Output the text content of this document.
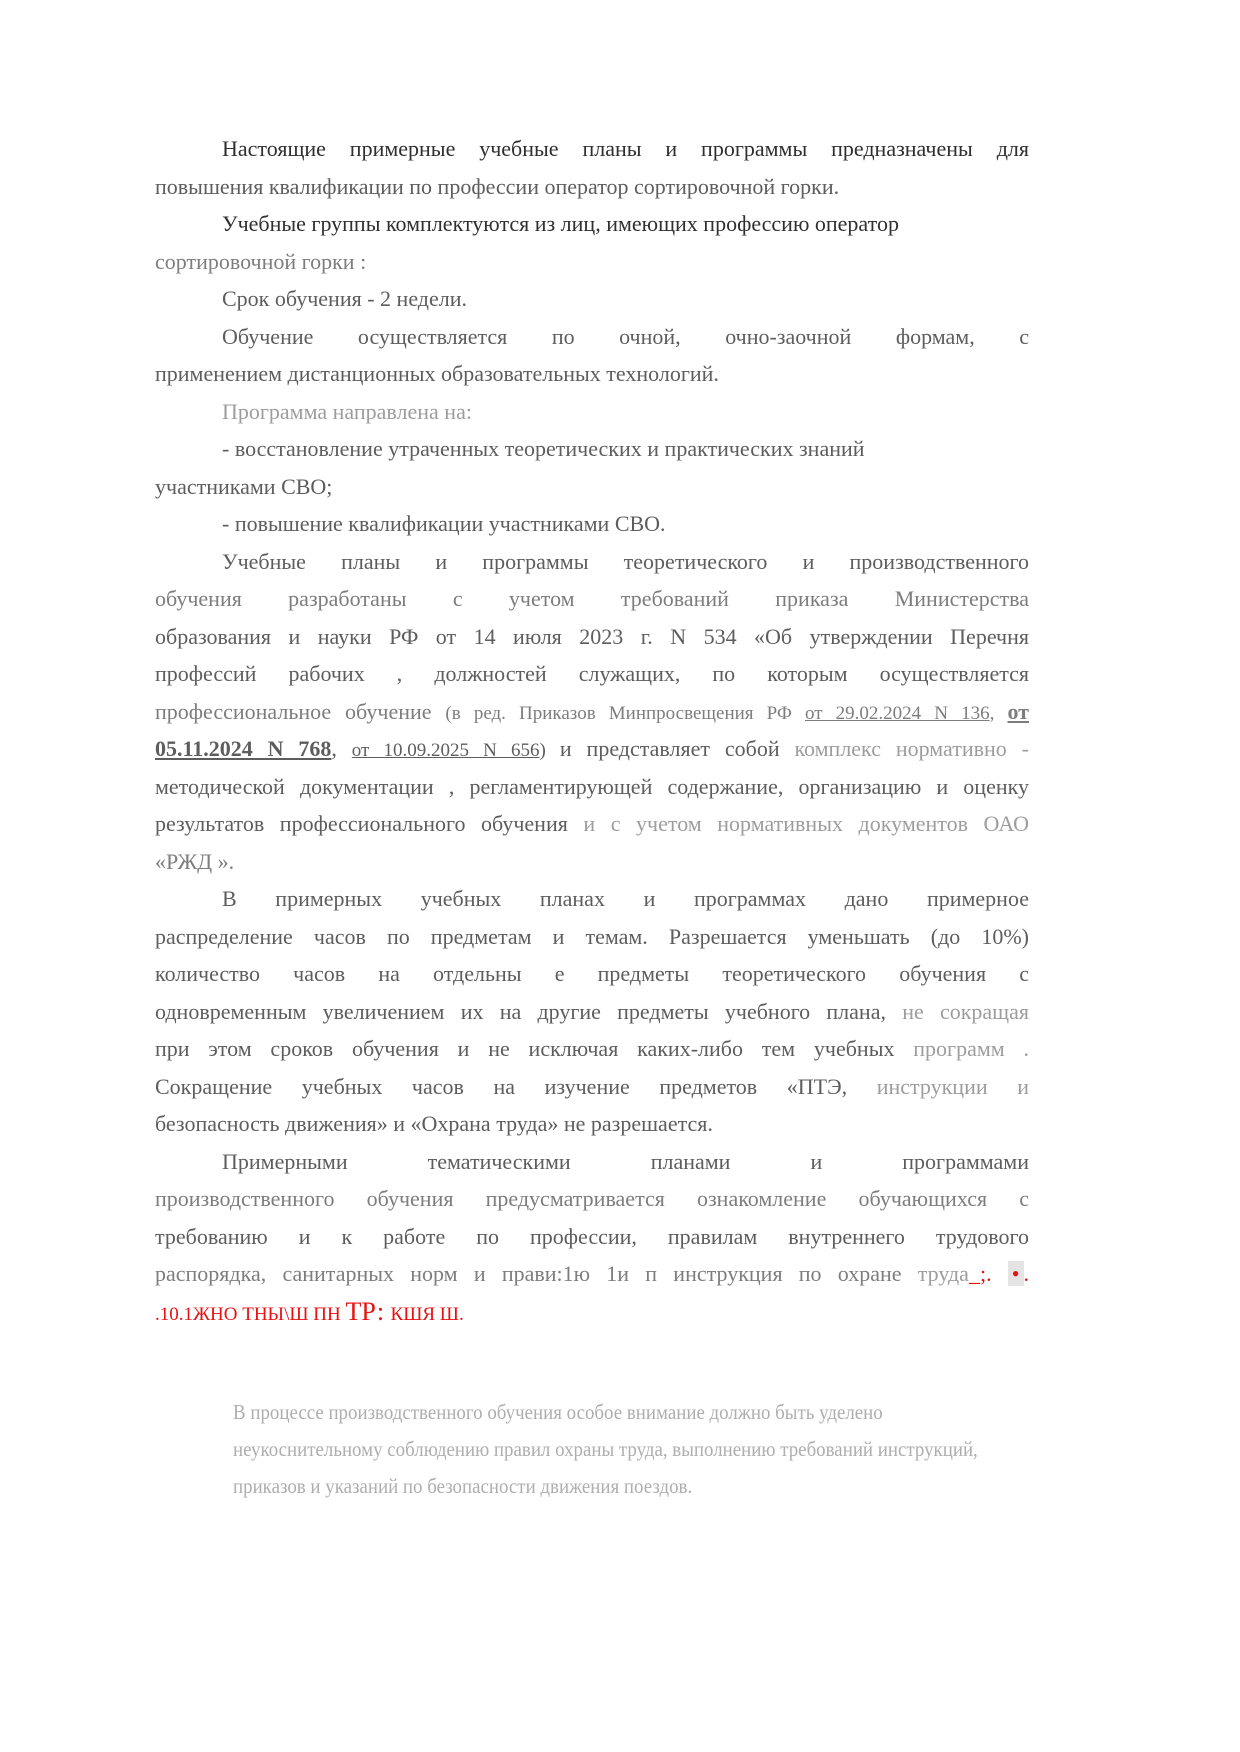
Настоящие примерные учебные планы и программы предназначены для
повышения квалификации по профессии оператор сортировочной горки.
Учебные группы комплектуются из лиц, имеющих профессию оператор
сортировочной горки :
Срок обучения - 2 недели.
Обучение осуществляется по очной, очно-заочной формам, с
применением дистанционных образовательных технологий.
Программа направлена на:
- восстановление утраченных теоретических и практических знаний
участниками СВО;
- повышение квалификации участниками СВО.
Учебные планы и программы теоретического и производственного
обучения разработаны с учетом требований приказа Министерства
образования и науки РФ от 14 июля 2023 г. N 534 «Об утверждении Перечня
профессий рабочих , должностей служащих, по которым осуществляется
профессиональное обучение (в ред. Приказов Минпросвещения РФ от 29.02.2024 N 136, от
05.11.2024 N 768, от 10.09.2025 N 656) и представляет собой комплекс нормативно -
методической документации , регламентирующей содержание, организацию и оценку
результатов профессионального обучения и с учетом нормативных документов ОАО
«РЖД ».
В примерных учебных планах и программах дано примерное
распределение часов по предметам и темам. Разрешается уменьшать (до 10%)
количество часов на отдельны е предметы теоретического обучения с
одновременным увеличением их на другие предметы учебного плана, не сокращая
при этом сроков обучения и не исключая каких-либо тем учебных программ .
Сокращение учебных часов на изучение предметов «ПТЭ, инструкции и
безопасность движения» и «Охрана труда» не разрешается.
Примерными тематическими планами и программами
производственного обучения предусматривается ознакомление обучающихся с
требованию и к работе по профессии, правилам внутреннего трудового
распорядка, санитарных норм и прави:1ю 1и п инструкция по охране труда_;. • .
.10.1ЖНО ТНЫ\Ш ПН ТР: КШЯ Ш.
В процессе производственного обучения особое внимание должно быть уделено
неукоснительному соблюдению правил охраны труда, выполнению требований инструкций,
приказов и указаний по безопасности движения поездов.
